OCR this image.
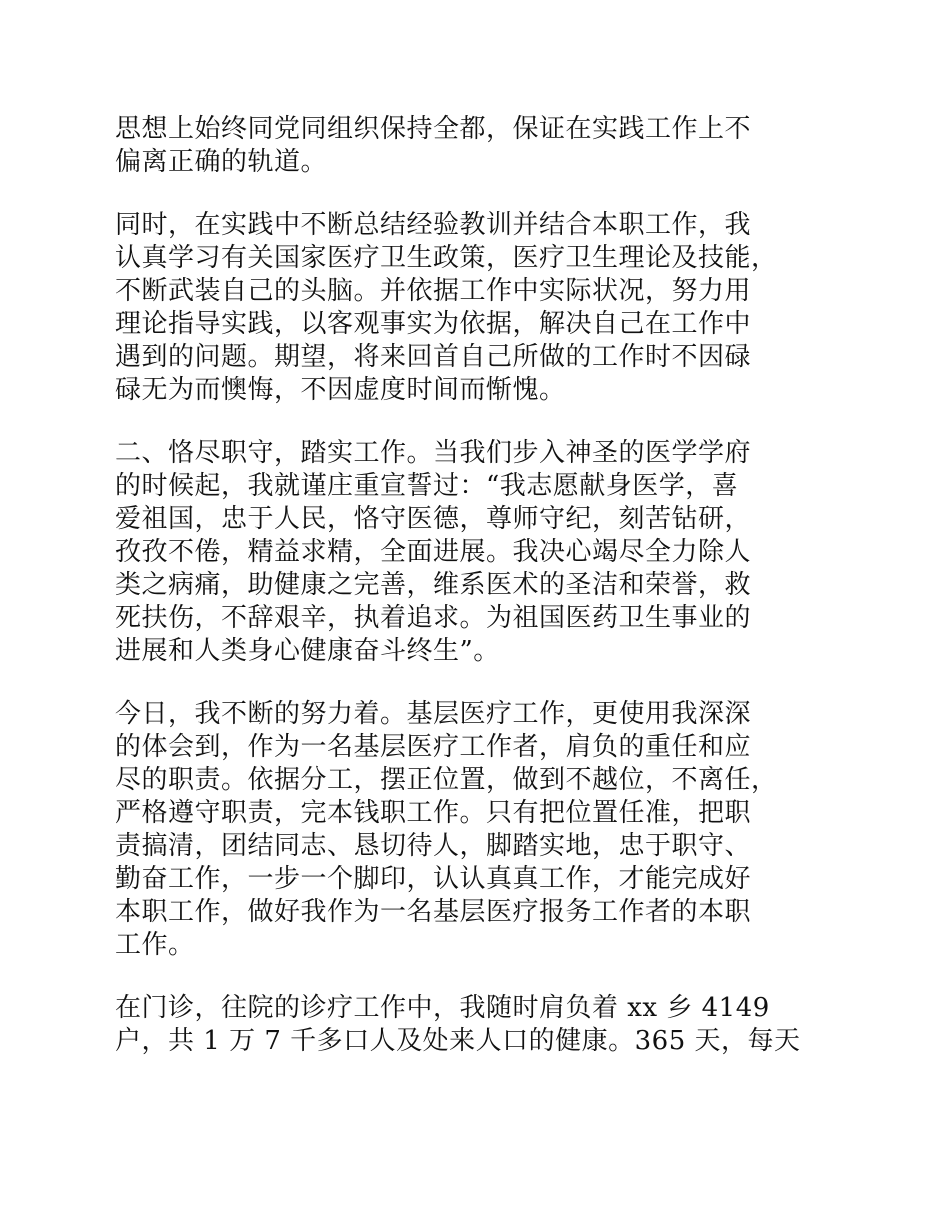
思想上始终同党同组织保持全都，保证在实践工作上不
偏离正确的轨道。

同时，在实践中不断总结经验教训并结合本职工作，我
认真学习有关国家医疗卫生政策，医疗卫生理论及技能，
不断武装自己的头脑。并依据工作中实际状况，努力用
理论指导实践，以客观事实为依据，解决自己在工作中
遇到的问题。期望，将来回首自己所做的工作时不因碌
碌无为而懊悔，不因虚度时间而惭愧。

二、恪尽职守，踏实工作。当我们步入神圣的医学学府
的时候起，我就谨庄重宣誓过：“我志愿献身医学，喜
爱祖国，忠于人民，恪守医德，尊师守纪，刻苦钻研，
孜孜不倦，精益求精，全面进展。我决心竭尽全力除人
类之病痛，助健康之完善，维系医术的圣洁和荣誉，救
死扶伤，不辞艰辛，执着追求。为祖国医药卫生事业的
进展和人类身心健康奋斗终生”。

今日，我不断的努力着。基层医疗工作，更使用我深深
的体会到，作为一名基层医疗工作者，肩负的重任和应
尽的职责。依据分工，摆正位置，做到不越位，不离任，
严格遵守职责，完本钱职工作。只有把位置任准，把职
责搞清，团结同志、恳切待人，脚踏实地，忠于职守、
勤奋工作，一步一个脚印，认认真真工作，才能完成好
本职工作，做好我作为一名基层医疗报务工作者的本职
工作。

在门诊，往院的诊疗工作中，我随时肩负着 xx 乡 4149
户，共 1 万 7 千多口人及处来人口的健康。365 天，每天
